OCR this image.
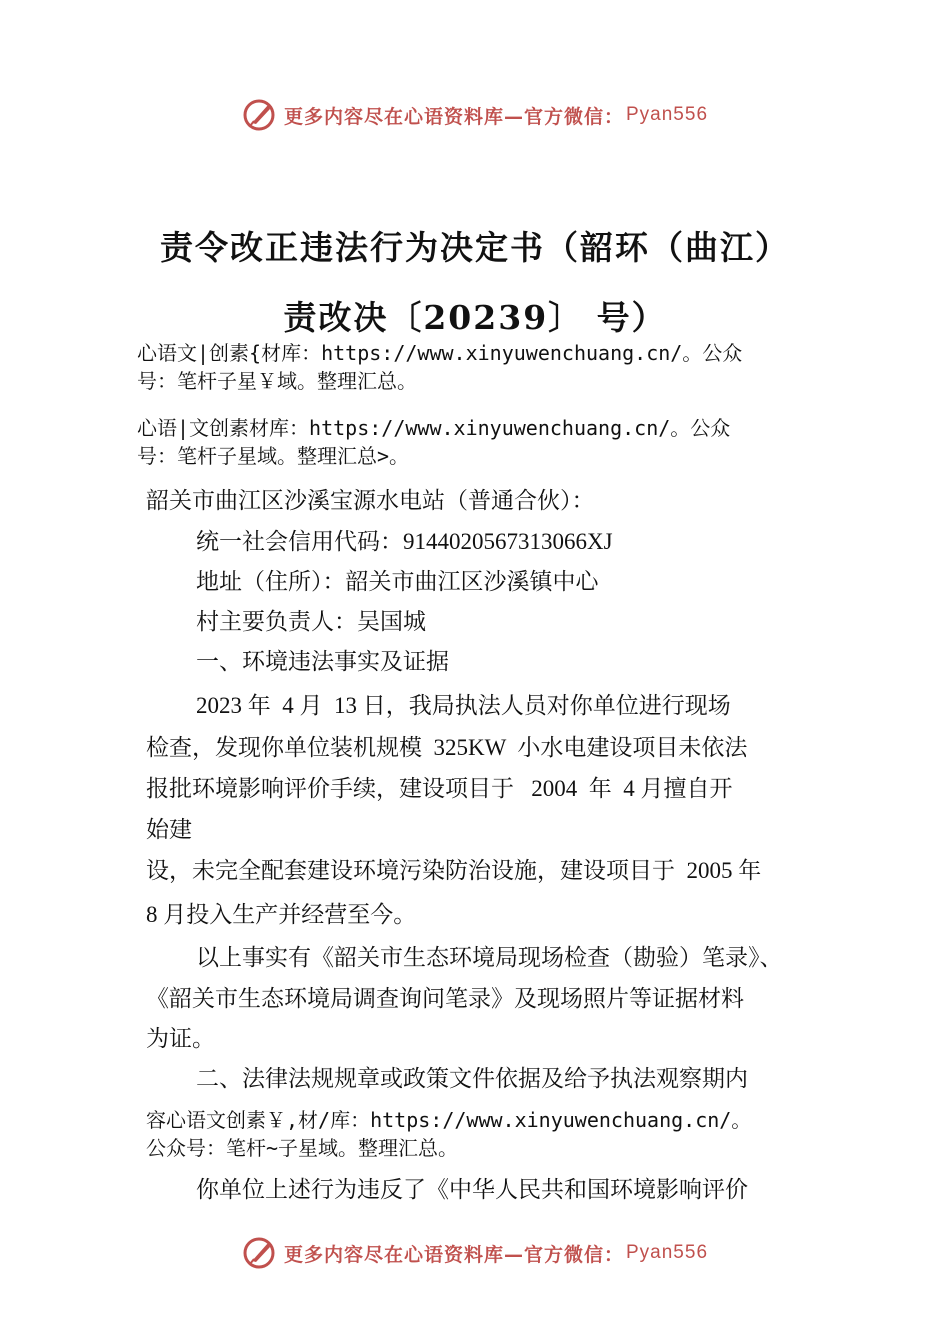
更多内容尽在心语资料库—官方微信： Pyan556
责令改正违法行为决定书（韶环（曲江）
责改决〔20239〕 号）
心语文|创素{材库：https://www.xinyuwenchuang.cn/。公众
号：笔杆子星￥域。整理汇总。
心语|文创素材库：https://www.xinyuwenchuang.cn/。公众
号：笔杆子星域。整理汇总>。
韶关市曲江区沙溪宝源水电站（普通合伙）：
统一社会信用代码：9144020567313066XJ
地址（住所）：韶关市曲江区沙溪镇中心
村主要负责人：吴国城
一、环境违法事实及证据
2023 年  4 月  13 日，我局执法人员对你单位进行现场
检查，发现你单位装机规模  325KW  小水电建设项目未依法
报批环境影响评价手续，建设项目于   2004  年  4 月擅自开
始建
设，未完全配套建设环境污染防治设施，建设项目于  2005 年
8 月投入生产并经营至今。
以上事实有《韶关市生态环境局现场检查（勘验）笔录》、
《韶关市生态环境局调查询问笔录》及现场照片等证据材料
为证。
二、法律法规规章或政策文件依据及给予执法观察期内
容心语文创素￥,材/库：https://www.xinyuwenchuang.cn/。
公众号：笔杆~子星域。整理汇总。
你单位上述行为违反了《中华人民共和国环境影响评价
更多内容尽在心语资料库—官方微信： Pyan556
